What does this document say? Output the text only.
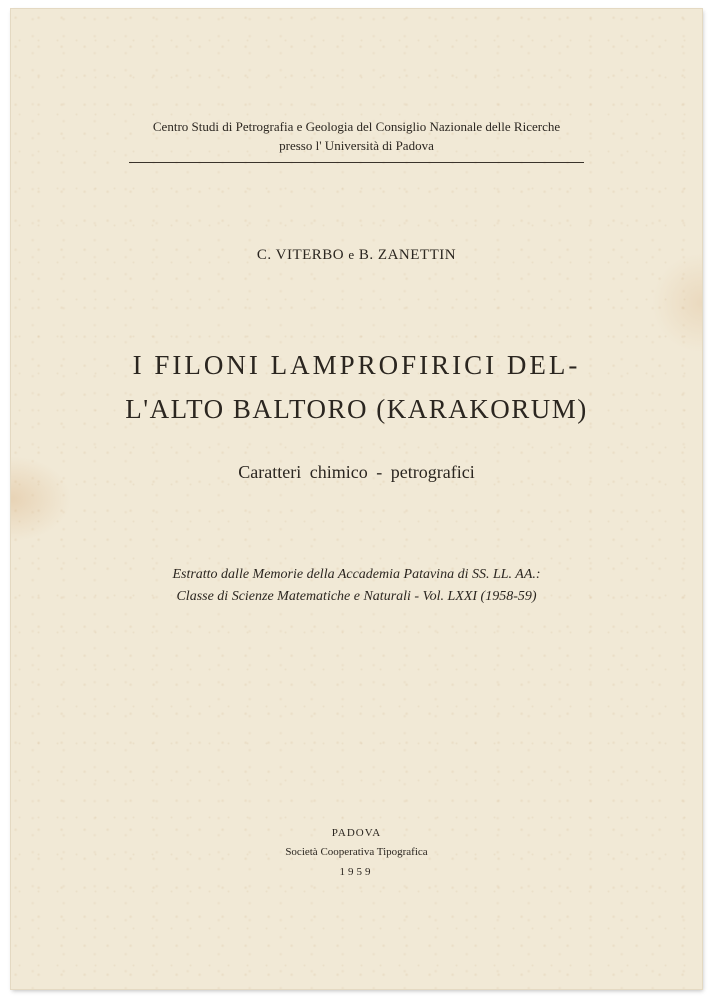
Centro Studi di Petrografia e Geologia del Consiglio Nazionale delle Ricerche
presso l' Università di Padova
C. VITERBO e B. ZANETTIN
I FILONI LAMPROFIRICI DEL-
L'ALTO BALTORO (KARAKORUM)
Caratteri chimico - petrografici
Estratto dalle Memorie della Accademia Patavina di SS. LL. AA.:
Classe di Scienze Matematiche e Naturali - Vol. LXXI (1958-59)
PADOVA
Società Cooperativa Tipografica
1959
